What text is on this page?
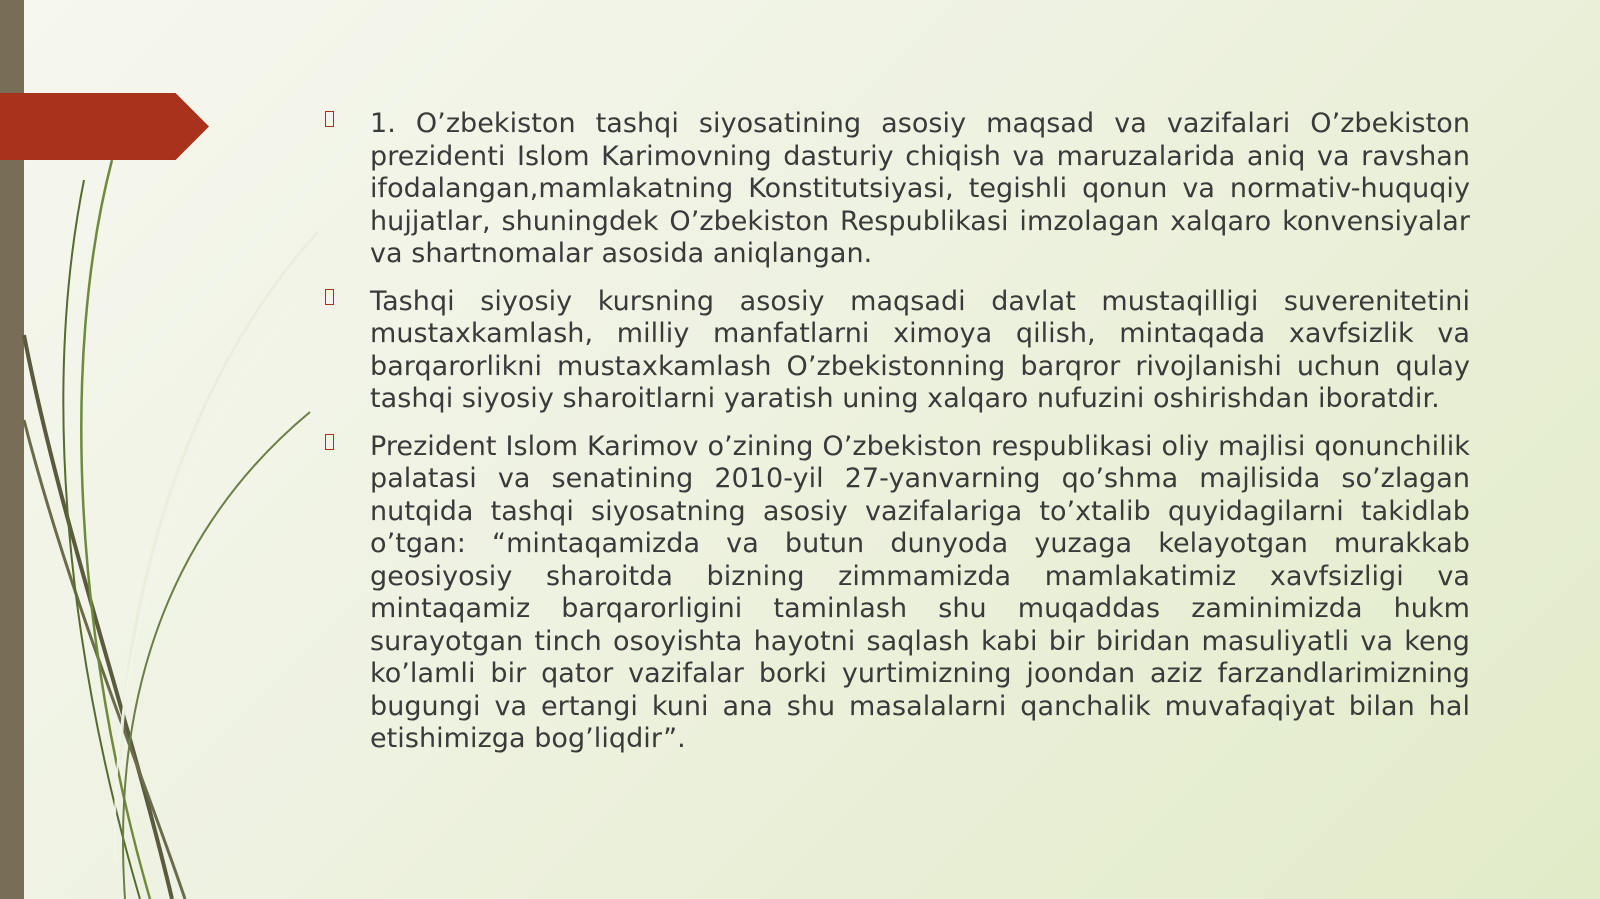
1. O’zbekiston tashqi siyosatining asosiy maqsad va vazifalari O’zbekiston prezidenti Islom Karimovning dasturiy chiqish va maruzalarida aniq va ravshan ifodalangan,mamlakatning Konstitutsiyasi, tegishli qonun va normativ-huquqiy hujjatlar, shuningdek O’zbekiston Respublikasi imzolagan xalqaro konvensiyalar va shartnomalar asosida aniqlangan.
Tashqi siyosiy kursning asosiy maqsadi davlat mustaqilligi suverenitetini mustaxkamlash, milliy manfatlarni ximoya qilish, mintaqada xavfsizlik va barqarorlikni mustaxkamlash O’zbekistonning barqror rivojlanishi uchun qulay tashqi siyosiy sharoitlarni yaratish uning xalqaro nufuzini oshirishdan iboratdir.
Prezident Islom Karimov o’zining O’zbekiston respublikasi oliy majlisi qonunchilik palatasi va senatining 2010-yil 27-yanvarning qo’shma majlisida so’zlagan nutqida tashqi siyosatning asosiy vazifalariga to’xtalib quyidagilarni takidlab o’tgan: “mintaqamizda va butun dunyoda yuzaga kelayotgan murakkab geosiyosiy sharoitda bizning zimmamizda mamlakatimiz xavfsizligi va mintaqamiz barqarorligini taminlash shu muqaddas zaminimizda hukm surayotgan tinch osoyishta hayotni saqlash kabi bir biridan masuliyatli va keng ko’lamli bir qator vazifalar borki yurtimizning joondan aziz farzandlarimizning bugungi va ertangi kuni ana shu masalalarni qanchalik muvafaqiyat bilan hal etishimizga bog’liqdir”.
